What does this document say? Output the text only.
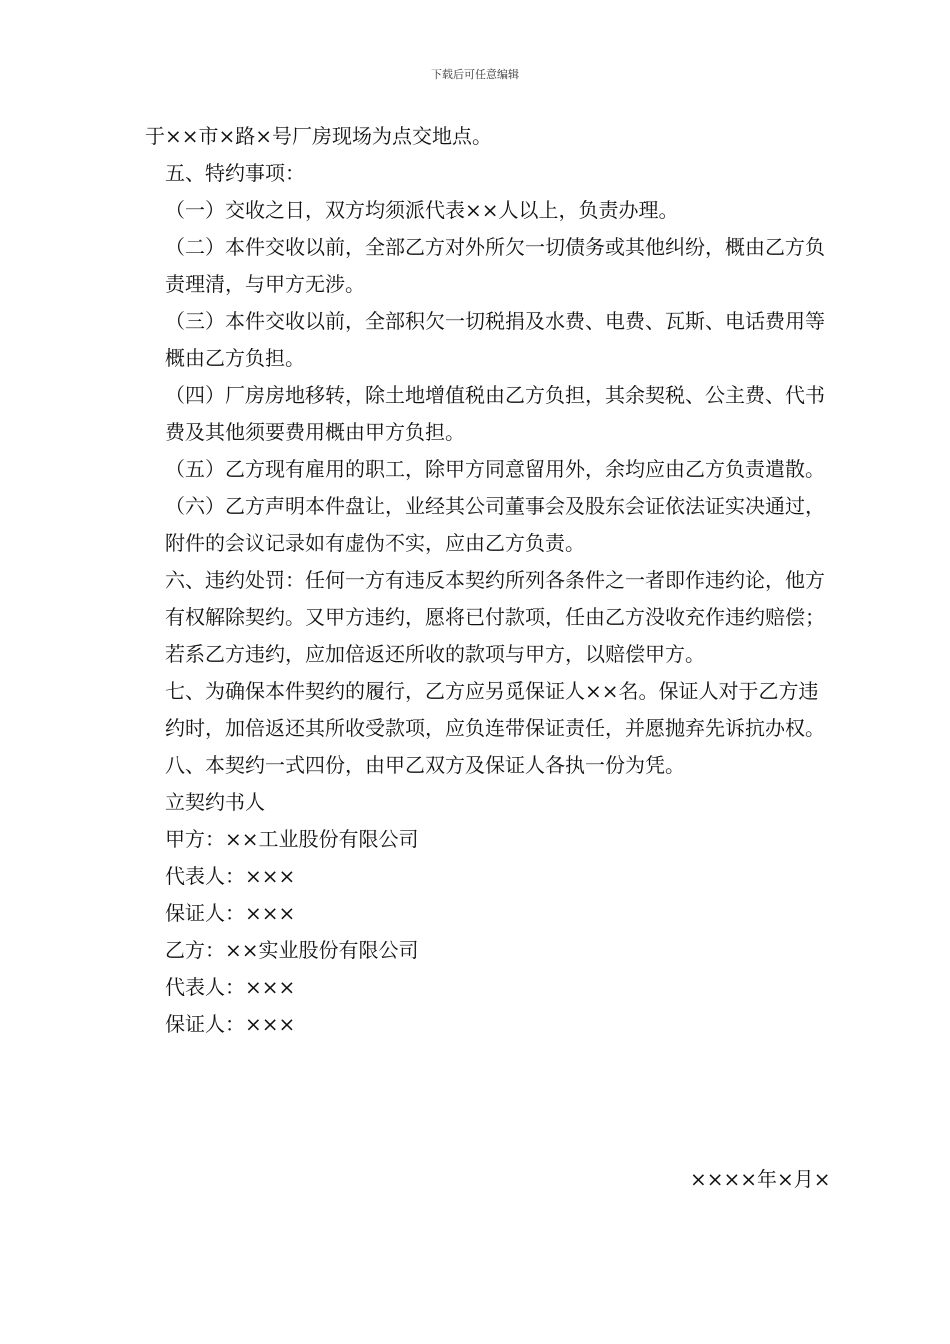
下载后可任意编辑

于××市×路×号厂房现场为点交地点。

五、特约事项：

（一）交收之日，双方均须派代表××人以上，负责办理。

（二）本件交收以前，全部乙方对外所欠一切债务或其他纠纷，概由乙方负责理清，与甲方无涉。

（三）本件交收以前，全部积欠一切税捐及水费、电费、瓦斯、电话费用等概由乙方负担。

（四）厂房房地移转，除土地增值税由乙方负担，其余契税、公主费、代书费及其他须要费用概由甲方负担。

（五）乙方现有雇用的职工，除甲方同意留用外，余均应由乙方负责遣散。

（六）乙方声明本件盘让，业经其公司董事会及股东会证依法证实决通过，附件的会议记录如有虚伪不实，应由乙方负责。

六、违约处罚：任何一方有违反本契约所列各条件之一者即作违约论，他方有权解除契约。又甲方违约，愿将已付款项，任由乙方没收充作违约赔偿；若系乙方违约，应加倍返还所收的款项与甲方，以赔偿甲方。

七、为确保本件契约的履行，乙方应另觅保证人××名。保证人对于乙方违约时，加倍返还其所收受款项，应负连带保证责任，并愿抛弃先诉抗办权。

八、本契约一式四份，由甲乙双方及保证人各执一份为凭。

立契约书人

甲方：××工业股份有限公司

代表人：×××

保证人：×××

乙方：××实业股份有限公司

代表人：×××

保证人：×××

××××年×月×
